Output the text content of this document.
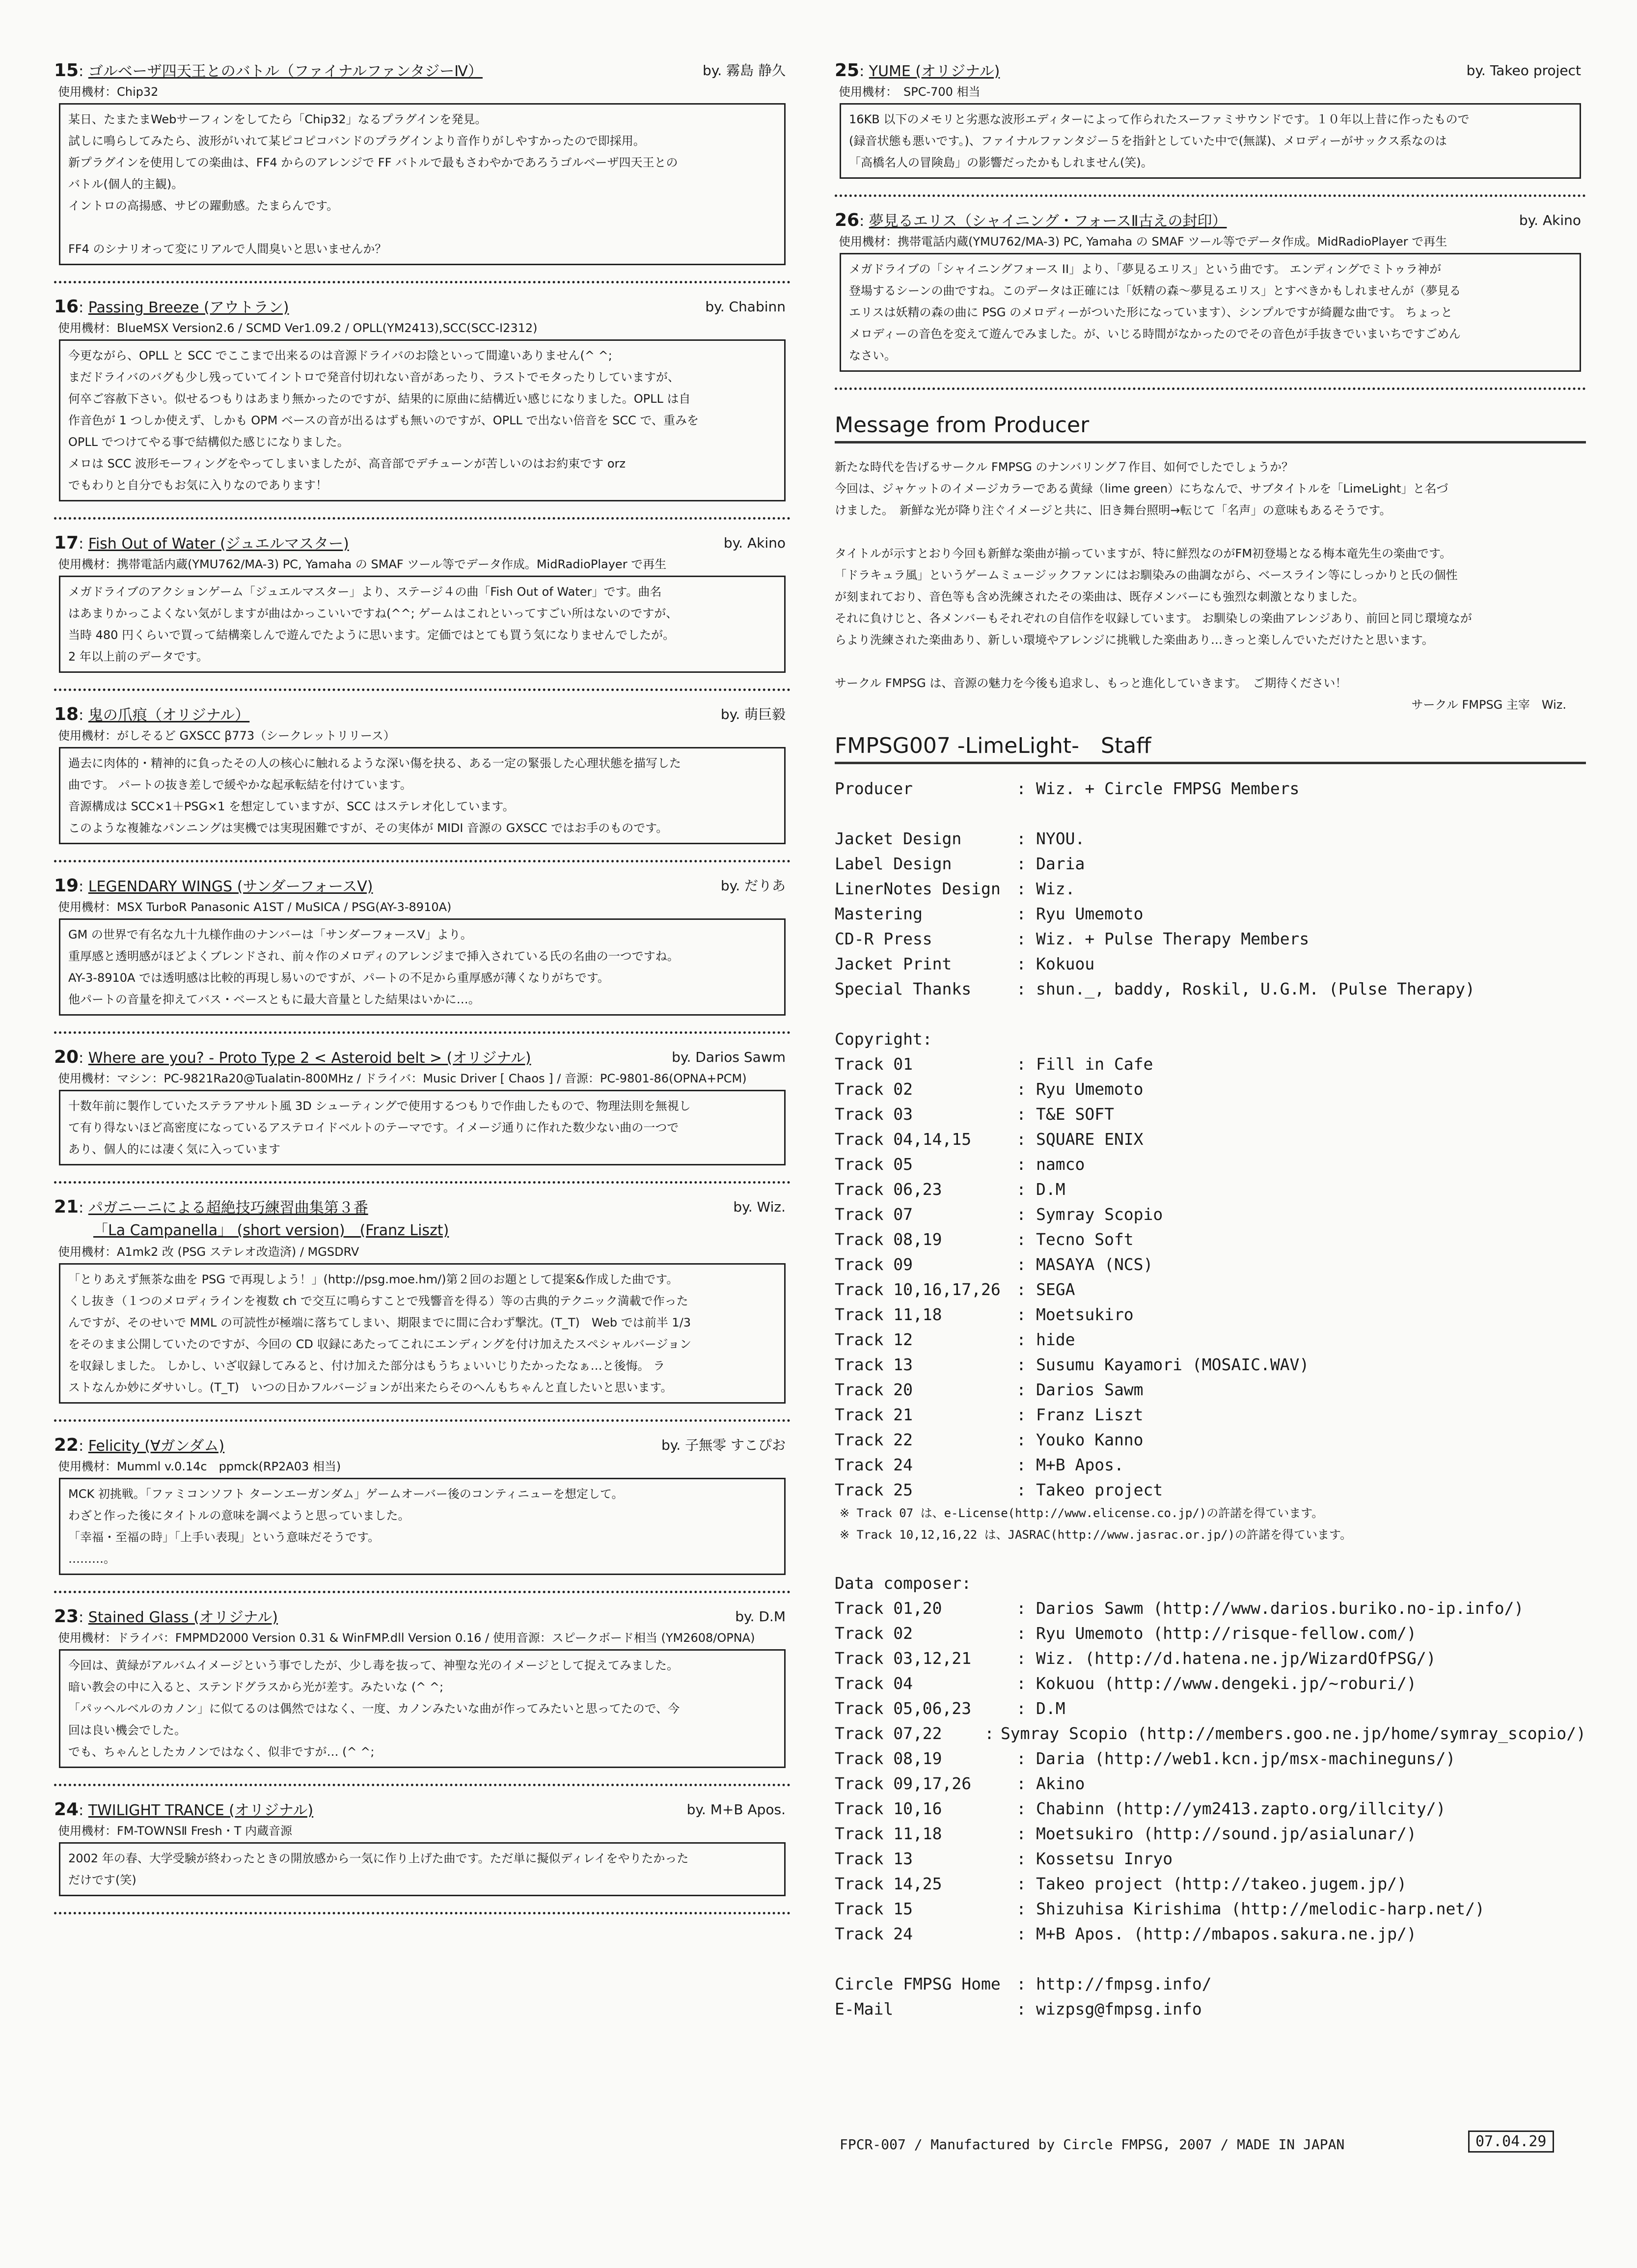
15: ゴルベーザ四天王とのバトル（ファイナルファンタジーⅣ）	by. 霧島 静久
使用機材：Chip32

某日、たまたまWebサーフィンをしてたら「Chip32」なるプラグインを発見。

試しに鳴らしてみたら、波形がいれて某ピコピコバンドのプラグインより音作りがしやすかったので即採用。

新プラグインを使用しての楽曲は、FF4 からのアレンジで FF バトルで最もさわやかであろうゴルベーザ四天王との

バトル(個人的主観)。

イントロの高揚感、サビの躍動感。たまらんです。

FF4 のシナリオって変にリアルで人間臭いと思いませんか？

16: Passing Breeze (アウトラン)	by. Chabinn
使用機材：BlueMSX Version2.6 / SCMD Ver1.09.2 / OPLL(YM2413),SCC(SCC-I2312)

今更ながら、OPLL と SCC でここまで出来るのは音源ドライバのお陰といって間違いありません(^ ^;

まだドライバのバグも少し残っていてイントロで発音付切れない音があったり、ラストでモタったりしていますが、

何卒ご容赦下さい。似せるつもりはあまり無かったのですが、結果的に原曲に結構近い感じになりました。OPLL は自

作音色が 1 つしか使えず、しかも OPM ベースの音が出るはずも無いのですが、OPLL で出ない倍音を SCC で、重みを

OPLL でつけてやる事で結構似た感じになりました。

メロは SCC 波形モーフィングをやってしまいましたが、高音部でデチューンが苦しいのはお約束です orz

でもわりと自分でもお気に入りなのであります！

17: Fish Out of Water (ジュエルマスター)	by. Akino
使用機材：携帯電話内蔵(YMU762/MA-3) PC, Yamaha の SMAF ツール等でデータ作成。MidRadioPlayer で再生

メガドライブのアクションゲーム「ジュエルマスター」より、ステージ４の曲「Fish Out of Water」です。曲名

はあまりかっこよくない気がしますが曲はかっこいいですね(^^; ゲームはこれといってすごい所はないのですが、

当時 480 円くらいで買って結構楽しんで遊んでたように思います。定価ではとても買う気になりませんでしたが。

2 年以上前のデータです。

18: 鬼の爪痕（オリジナル）	by. 萌巨毅
使用機材：がしそるど GXSCC β773（シークレットリリース）

過去に肉体的・精神的に負ったその人の核心に触れるような深い傷を抉る、ある一定の緊張した心理状態を描写した

曲です。 パートの抜き差しで緩やかな起承転結を付けています。

音源構成は SCC×1＋PSG×1 を想定していますが、SCC はステレオ化しています。

このような複雑なパンニングは実機では実現困難ですが、その実体が MIDI 音源の GXSCC ではお手のものです。

19: LEGENDARY WINGS (サンダーフォースV)	by. だりあ
使用機材：MSX TurboR Panasonic A1ST / MuSICA / PSG(AY-3-8910A)

GM の世界で有名な九十九様作曲のナンバーは「サンダーフォースV」より。

重厚感と透明感がほどよくブレンドされ、前々作のメロディのアレンジまで挿入されている氏の名曲の一つですね。

AY-3-8910A では透明感は比較的再現し易いのですが、パートの不足から重厚感が薄くなりがちです。

他パートの音量を抑えてバス・ベースともに最大音量とした結果はいかに…。

20: Where are you? - Proto Type 2 < Asteroid belt > (オリジナル)	by. Darios Sawm
使用機材：マシン：PC-9821Ra20@Tualatin-800MHz / ドライバ：Music Driver [ Chaos ] / 音源：PC-9801-86(OPNA+PCM)

十数年前に製作していたステラアサルト風 3D シューティングで使用するつもりで作曲したもので、物理法則を無視し

て有り得ないほど高密度になっているアステロイドベルトのテーマです。イメージ通りに作れた数少ない曲の一つで

あり、個人的には凄く気に入っています

21: パガニーニによる超絶技巧練習曲集第３番	by. Wiz.
「La Campanella」 (short version)　(Franz Liszt)
使用機材：A1mk2 改 (PSG ステレオ改造済) / MGSDRV

「とりあえず無茶な曲を PSG で再現しよう！」(http://psg.moe.hm/)第２回のお題として提案&作成した曲です。

くし抜き（１つのメロディラインを複数 ch で交互に鳴らすことで残響音を得る）等の古典的テクニック満載で作った

んですが、そのせいで MML の可読性が極端に落ちてしまい、期限までに間に合わず撃沈。(T_T)　Web では前半 1/3

をそのまま公開していたのですが、今回の CD 収録にあたってこれにエンディングを付け加えたスペシャルバージョン

を収録しました。 しかし、いざ収録してみると、付け加えた部分はもうちょいいじりたかったなぁ…と後悔。 ラ

ストなんか妙にダサいし。(T_T)　いつの日かフルバージョンが出来たらそのへんもちゃんと直したいと思います。

22: Felicity (∀ガンダム)	by. 子無零 すこぴお
使用機材：Mumml v.0.14c　ppmck(RP2A03 相当)

MCK 初挑戦。「ファミコンソフト ターンエーガンダム」ゲームオーバー後のコンティニューを想定して。

わざと作った後にタイトルの意味を調べようと思っていました。

「幸福・至福の時」「上手い表現」という意味だそうです。

………。

23: Stained Glass (オリジナル)	by. D.M
使用機材：ドライバ：FMPMD2000 Version 0.31 & WinFMP.dll Version 0.16 / 使用音源：スピークボード相当 (YM2608/OPNA)

今回は、黄緑がアルバムイメージという事でしたが、少し毒を抜って、神聖な光のイメージとして捉えてみました。

暗い教会の中に入ると、ステンドグラスから光が差す。みたいな (^ ^;

「パッヘルベルのカノン」に似てるのは偶然ではなく、一度、カノンみたいな曲が作ってみたいと思ってたので、今

回は良い機会でした。

でも、ちゃんとしたカノンではなく、似非ですが… (^ ^;

24: TWILIGHT TRANCE (オリジナル)	by. M+B Apos.
使用機材：FM-TOWNSⅡ Fresh・T 内蔵音源

2002 年の春、大学受験が終わったときの開放感から一気に作り上げた曲です。ただ単に擬似ディレイをやりたかった

だけです(笑)

25: YUME (オリジナル)	by. Takeo project
使用機材：　SPC-700 相当

16KB 以下のメモリと劣悪な波形エディターによって作られたスーファミサウンドです。１０年以上昔に作ったもので

(録音状態も悪いです。)、ファイナルファンタジー５を指針としていた中で(無謀)、メロディーがサックス系なのは

「高橋名人の冒険島」の影響だったかもしれません(笑)。

26: 夢見るエリス（シャイニング・フォースⅡ古えの封印）	by. Akino
使用機材：携帯電話内蔵(YMU762/MA-3) PC, Yamaha の SMAF ツール等でデータ作成。MidRadioPlayer で再生

メガドライブの「シャイニングフォース II」より、「夢見るエリス」という曲です。 エンディングでミトゥラ神が

登場するシーンの曲ですね。このデータは正確には「妖精の森～夢見るエリス」とすべきかもしれませんが（夢見る

エリスは妖精の森の曲に PSG のメロディーがついた形になっています）、シンプルですが綺麗な曲です。 ちょっと

メロディーの音色を変えて遊んでみました。が、いじる時間がなかったのでその音色が手抜きでいまいちですごめん

なさい。

Message from Producer

新たな時代を告げるサークル FMPSG のナンバリング７作目、如何でしたでしょうか？

今回は、ジャケットのイメージカラーである黄緑（lime green）にちなんで、サブタイトルを「LimeLight」と名づ

けました。　新鮮な光が降り注ぐイメージと共に、旧き舞台照明→転じて「名声」の意味もあるそうです。

タイトルが示すとおり今回も新鮮な楽曲が揃っていますが、特に鮮烈なのがFM初登場となる梅本竜先生の楽曲です。

「ドラキュラ風」というゲームミュージックファンにはお馴染みの曲調ながら、ベースライン等にしっかりと氏の個性

が刻まれており、音色等も含め洗練されたその楽曲は、既存メンバーにも強烈な刺激となりました。

それに負けじと、各メンバーもそれぞれの自信作を収録しています。 お馴染しの楽曲アレンジあり、前回と同じ環境なが

らより洗練された楽曲あり、新しい環境やアレンジに挑戦した楽曲あり…きっと楽しんでいただけたと思います。

サークル FMPSG は、音源の魅力を今後も追求し、もっと進化していきます。　ご期待ください！

サークル FMPSG 主宰　Wiz.
FMPSG007 -LimeLight-　Staff
Producer	: Wiz. + Circle FMPSG Members
Jacket Design	: NYOU.
Label Design	: Daria
LinerNotes Design : Wiz.
Mastering	: Ryu Umemoto
CD-R Press	: Wiz. + Pulse Therapy Members
Jacket Print	: Kokuou
Special Thanks	: shun._, baddy, Roskil, U.G.M. (Pulse Therapy)
Copyright:
Track 01	: Fill in Cafe
Track 02	: Ryu Umemoto
Track 03	: T&E SOFT
Track 04,14,15	: SQUARE ENIX
Track 05	: namco
Track 06,23	: D.M
Track 07	: Symray Scopio
Track 08,19	: Tecno Soft
Track 09	: MASAYA (NCS)
Track 10,16,17,26 : SEGA
Track 11,18	: Moetsukiro
Track 12	: hide
Track 13	: Susumu Kayamori (MOSAIC.WAV)
Track 20	: Darios Sawm
Track 21	: Franz Liszt
Track 22	: Youko Kanno
Track 24	: M+B Apos.
Track 25	: Takeo project
※ Track 07 は、e-License(http://www.elicense.co.jp/)の許諾を得ています。
※ Track 10,12,16,22 は、JASRAC(http://www.jasrac.or.jp/)の許諾を得ています。
Data composer:
Track 01,20	: Darios Sawm (http://www.darios.buriko.no-ip.info/)
Track 02	: Ryu Umemoto (http://risque-fellow.com/)
Track 03,12,21	: Wiz. (http://d.hatena.ne.jp/WizardOfPSG/)
Track 04	: Kokuou (http://www.dengeki.jp/~roburi/)
Track 05,06,23	: D.M
Track 07,22	: Symray Scopio (http://members.goo.ne.jp/home/symray_scopio/)
Track 08,19	: Daria (http://web1.kcn.jp/msx-machineguns/)
Track 09,17,26	: Akino
Track 10,16	: Chabinn (http://ym2413.zapto.org/illcity/)
Track 11,18	: Moetsukiro (http://sound.jp/asialunar/)
Track 13	: Kossetsu Inryo
Track 14,25	: Takeo project (http://takeo.jugem.jp/)
Track 15	: Shizuhisa Kirishima (http://melodic-harp.net/)
Track 24	: M+B Apos. (http://mbapos.sakura.ne.jp/)
Circle FMPSG Home : http://fmpsg.info/
E-Mail	: wizpsg@fmpsg.info
FPCR-007 / Manufactured by Circle FMPSG, 2007 / MADE IN JAPAN	07.04.29
